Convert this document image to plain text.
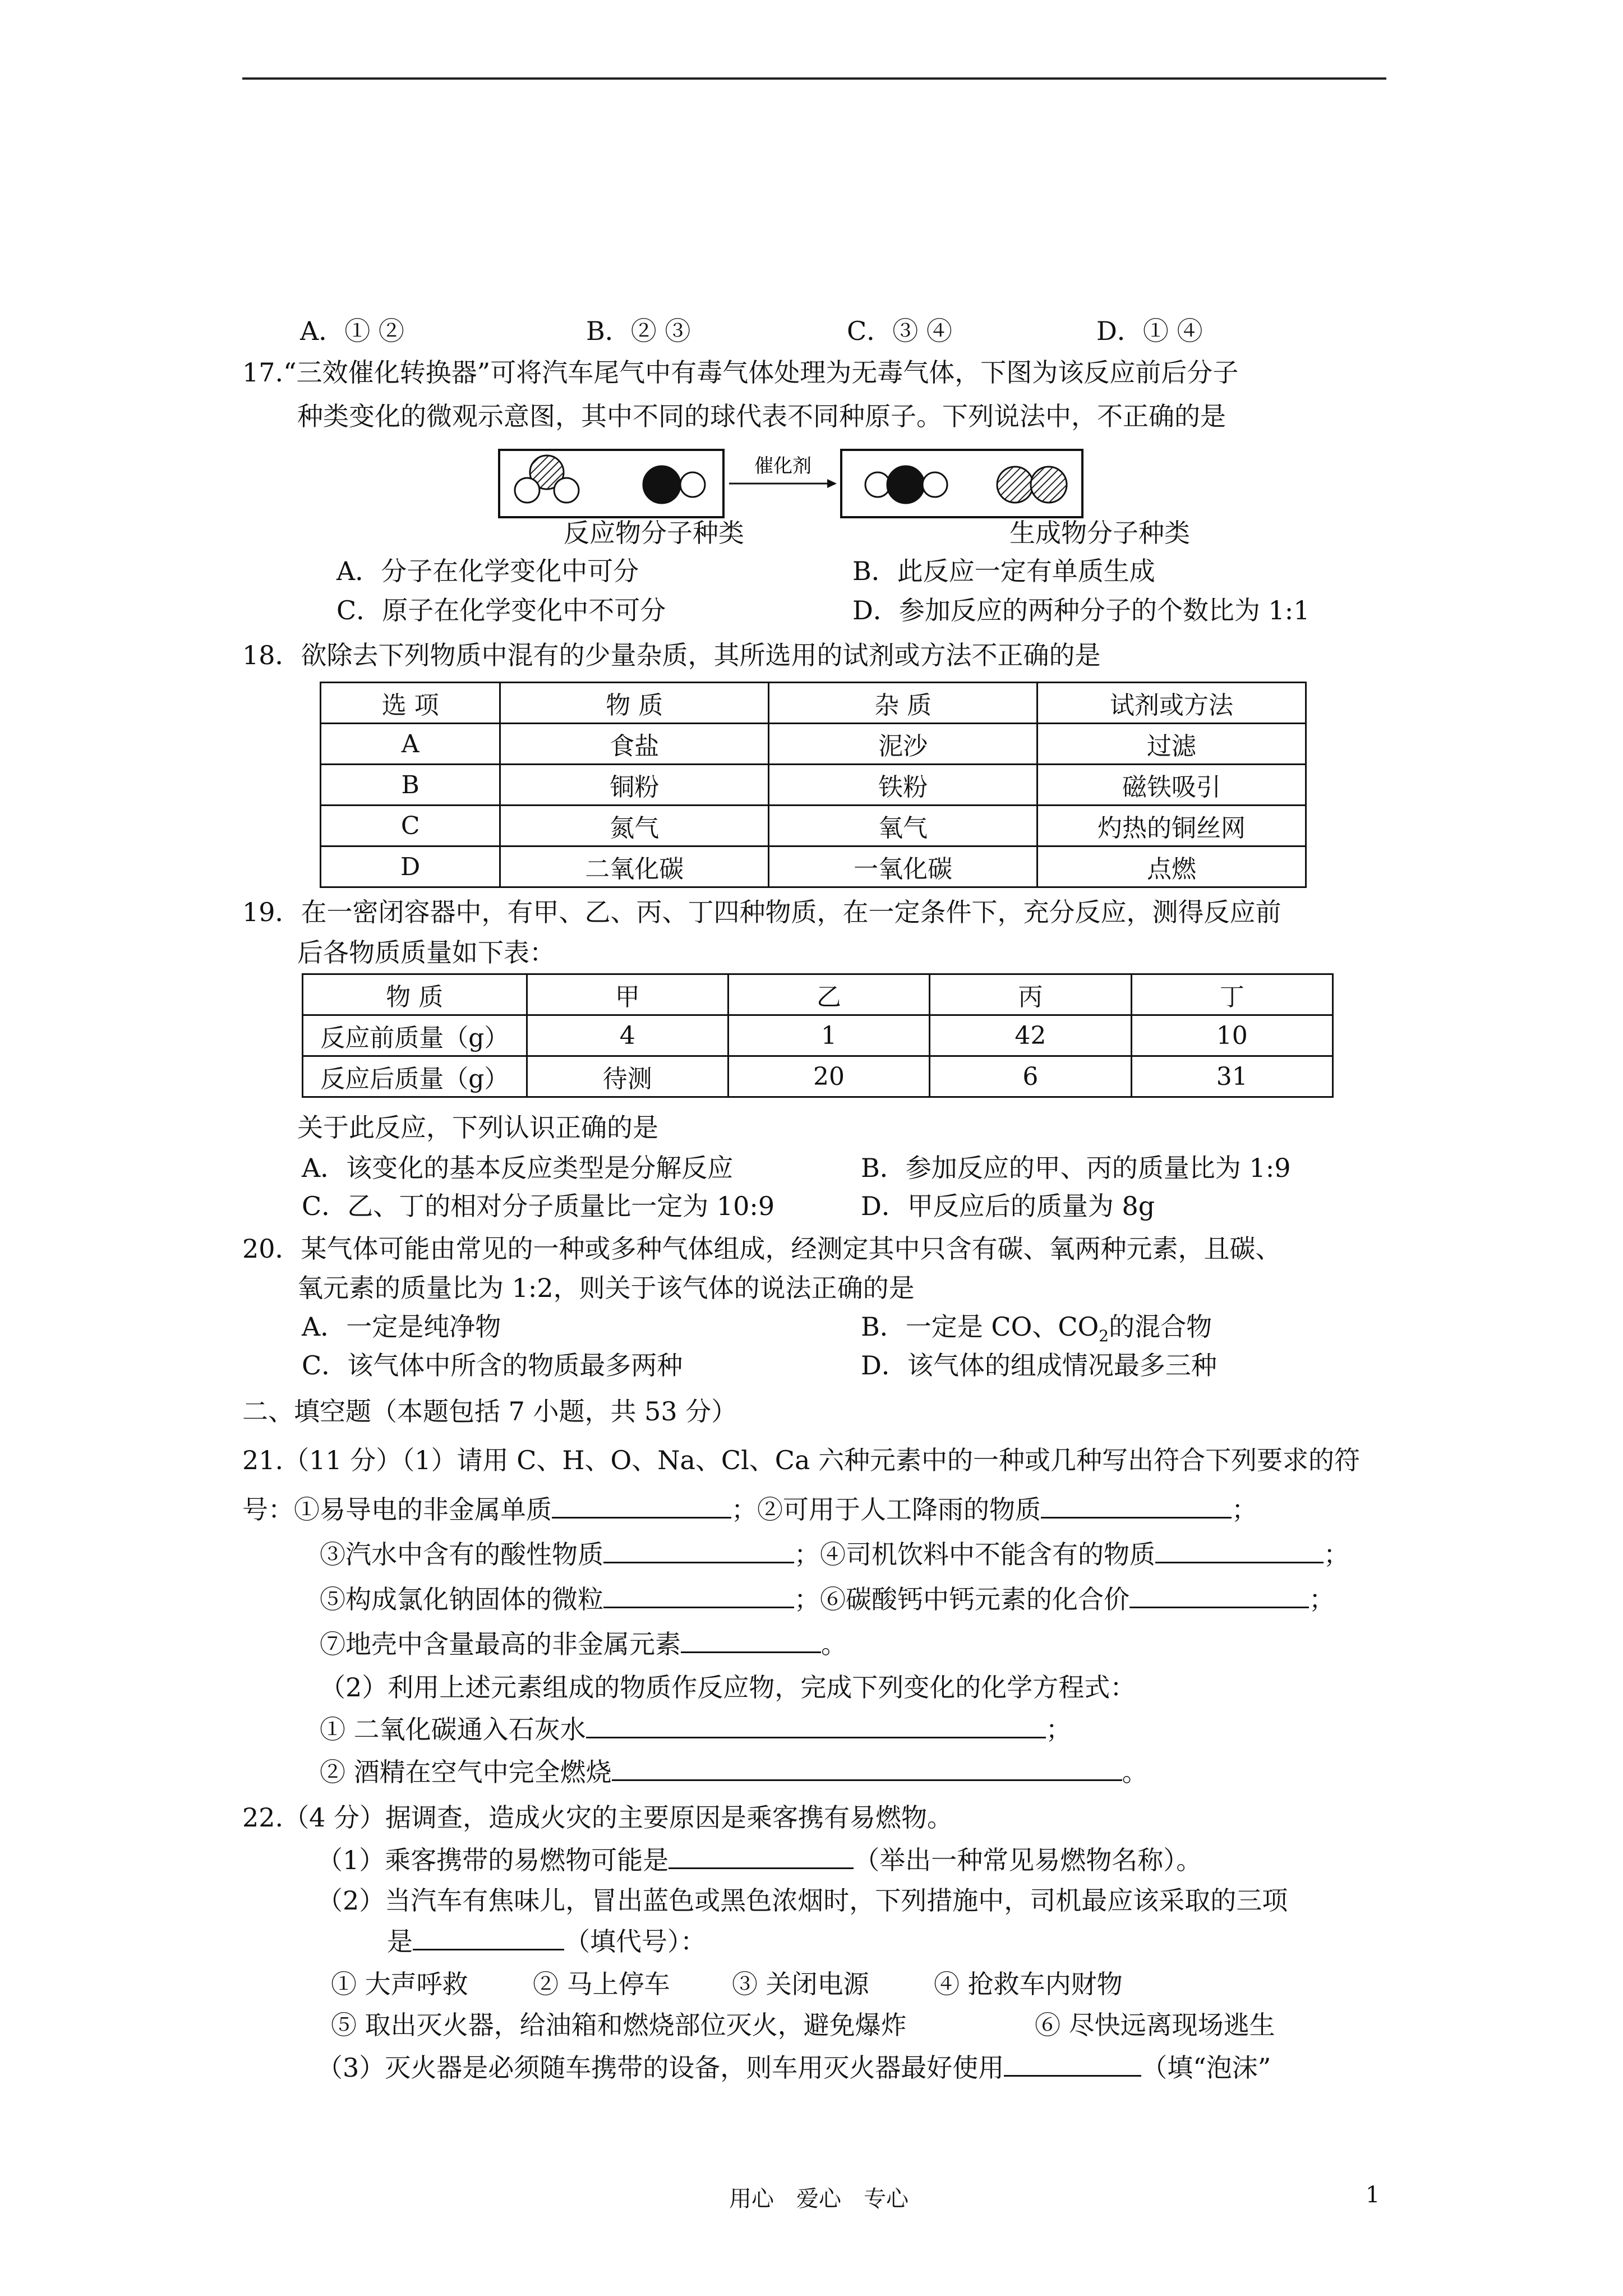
A．① ②	B．② ③	C．③ ④	D．① ④
17.“三效催化转换器”可将汽车尾气中有毒气体处理为无毒气体，下图为该反应前后分子
种类变化的微观示意图，其中不同的球代表不同种原子。下列说法中，不正确的是
催化剂
反应物分子种类	生成物分子种类
A．分子在化学变化中可分	B．此反应一定有单质生成
C．原子在化学变化中不可分	D．参加反应的两种分子的个数比为 1:1
18．欲除去下列物质中混有的少量杂质，其所选用的试剂或方法不正确的是
选 项	物 质	杂 质	试剂或方法
A	食盐	泥沙	过滤
B	铜粉	铁粉	磁铁吸引
C	氮气	氧气	灼热的铜丝网
D	二氧化碳	一氧化碳	点燃
19．在一密闭容器中，有甲、乙、丙、丁四种物质，在一定条件下，充分反应，测得反应前
后各物质质量如下表：
物 质	甲	乙	丙	丁
反应前质量（g）	4	1	42	10
反应后质量（g）	待测	20	6	31
关于此反应，下列认识正确的是
A．该变化的基本反应类型是分解反应	B．参加反应的甲、丙的质量比为 1:9
C．乙、丁的相对分子质量比一定为 10:9	D．甲反应后的质量为 8g
20．某气体可能由常见的一种或多种气体组成，经测定其中只含有碳、氧两种元素，且碳、
氧元素的质量比为 1:2，则关于该气体的说法正确的是
A．一定是纯净物	B．一定是 CO、$CO_2$的混合物
C．该气体中所含的物质最多两种	D．该气体的组成情况最多三种
二、填空题（本题包括 7 小题，共 53 分）
21.（11 分）（1）请用 C、H、O、Na、Cl、Ca 六种元素中的一种或几种写出符合下列要求的符
号：①易导电的非金属单质	；②可用于人工降雨的物质	；
③汽水中含有的酸性物质	；④司机饮料中不能含有的物质	；
⑤构成氯化钠固体的微粒	；⑥碳酸钙中钙元素的化合价	；
⑦地壳中含量最高的非金属元素	。
（2）利用上述元素组成的物质作反应物，完成下列变化的化学方程式：
① 二氧化碳通入石灰水	；
② 酒精在空气中完全燃烧	。
22.（4 分）据调查，造成火灾的主要原因是乘客携有易燃物。
（1）乘客携带的易燃物可能是	（举出一种常见易燃物名称）。
（2）当汽车有焦味儿，冒出蓝色或黑色浓烟时，下列措施中，司机最应该采取的三项
是	（填代号）：
① 大声呼救	② 马上停车 ③ 关闭电源	④ 抢救车内财物
⑤ 取出灭火器，给油箱和燃烧部位灭火，避免爆炸	⑥ 尽快远离现场逃生
（3）灭火器是必须随车携带的设备，则车用灭火器最好使用	（填“泡沫”
用心　爱心　专心	1
